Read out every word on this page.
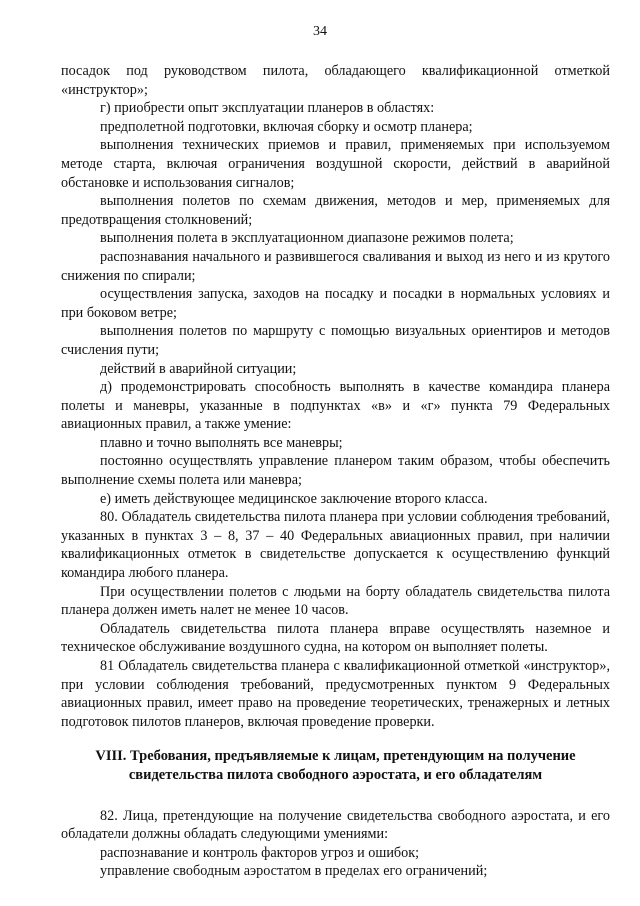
34

посадок под руководством пилота, обладающего квалификационной отметкой «инструктор»;

г) приобрести опыт эксплуатации планеров в областях:

предполетной подготовки, включая сборку и осмотр планера;

выполнения технических приемов и правил, применяемых при используемом методе старта, включая ограничения воздушной скорости, действий в аварийной обстановке и использования сигналов;

выполнения полетов по схемам движения, методов и мер, применяемых для предотвращения столкновений;

выполнения полета в эксплуатационном диапазоне режимов полета;

распознавания начального и развившегося сваливания и выход из него и из крутого снижения по спирали;

осуществления запуска, заходов на посадку и посадки в нормальных условиях и при боковом ветре;

выполнения полетов по маршруту с помощью визуальных ориентиров и методов счисления пути;

действий в аварийной ситуации;

д) продемонстрировать способность выполнять в качестве командира планера полеты и маневры, указанные в подпунктах «в» и «г» пункта 79 Федеральных авиационных правил, а также умение:

плавно и точно выполнять все маневры;

постоянно осуществлять управление планером таким образом, чтобы обеспечить выполнение схемы полета или маневра;

е) иметь действующее медицинское заключение второго класса.

80. Обладатель свидетельства пилота планера при условии соблюдения требований, указанных в пунктах 3 – 8, 37 – 40 Федеральных авиационных правил, при наличии квалификационных отметок в свидетельстве допускается к осуществлению функций командира любого планера.

При осуществлении полетов с людьми на борту обладатель свидетельства пилота планера должен иметь налет не менее 10 часов.

Обладатель свидетельства пилота планера вправе осуществлять наземное и техническое обслуживание воздушного судна, на котором он выполняет полеты.

81 Обладатель свидетельства планера с квалификационной отметкой «инструктор», при условии соблюдения требований, предусмотренных пунктом 9 Федеральных авиационных правил, имеет право на проведение теоретических, тренажерных и летных подготовок пилотов планеров, включая проведение проверки.

VIII. Требования, предъявляемые к лицам, претендующим на получение свидетельства пилота свободного аэростата, и его обладателям

82. Лица, претендующие на получение свидетельства свободного аэростата, и его обладатели должны обладать следующими умениями:

распознавание и контроль факторов угроз и ошибок;

управление свободным аэростатом в пределах его ограничений;
